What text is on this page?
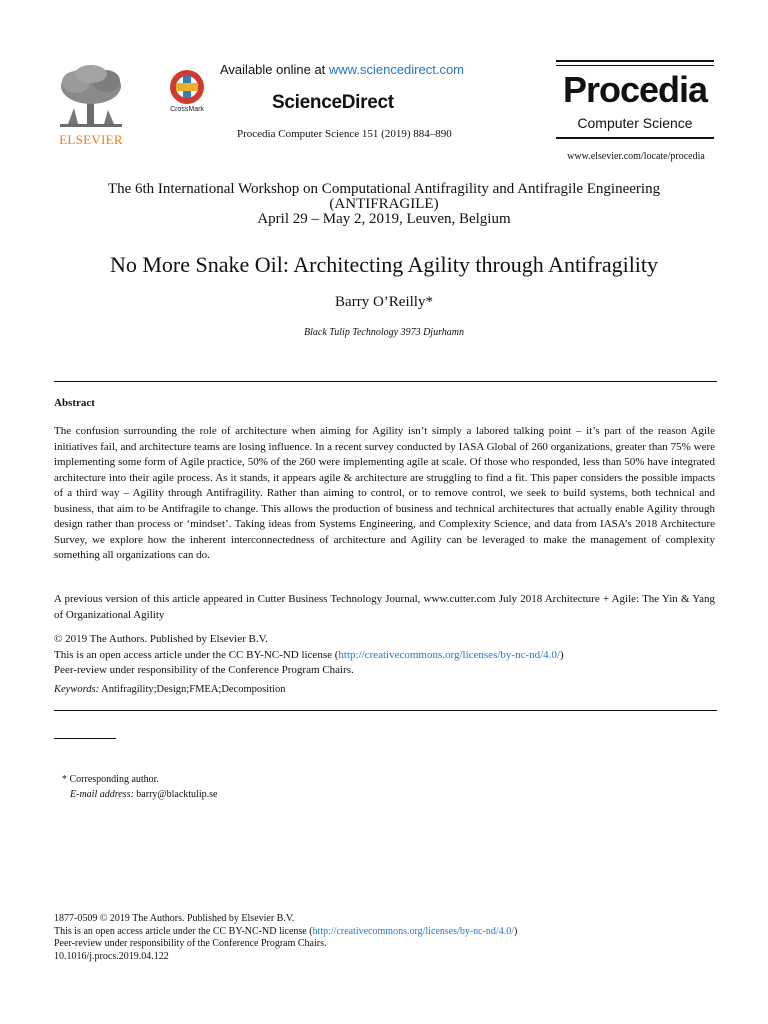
ELSEVIER
CrossMark
Available online at www.sciencedirect.com
ScienceDirect
Procedia Computer Science 151 (2019) 884–890
Procedia
Computer Science
www.elsevier.com/locate/procedia
The 6th International Workshop on Computational Antifragility and Antifragile Engineering
(ANTIFRAGILE)
April 29 – May 2, 2019, Leuven, Belgium
No More Snake Oil: Architecting Agility through Antifragility
Barry O’Reilly*
Black Tulip Technology 3973 Djurhamn
Abstract
The confusion surrounding the role of architecture when aiming for Agility isn’t simply a labored talking point – it’s part of the reason Agile initiatives fail, and architecture teams are losing influence. In a recent survey conducted by IASA Global of 260 organizations, greater than 75% were implementing some form of Agile practice, 50% of the 260 were implementing agile at scale. Of those who responded, less than 50% have integrated architecture into their agile process. As it stands, it appears agile & architecture are struggling to find a fit. This paper considers the possible impacts of a third way – Agility through Antifragility. Rather than aiming to control, or to remove control, we seek to build systems, both technical and business, that aim to be Antifragile to change. This allows the production of business and technical architectures that actually enable Agility through design rather than process or ‘mindset’. Taking ideas from Systems Engineering, and Complexity Science, and data from IASA’s 2018 Architecture Survey, we explore how the inherent interconnectedness of architecture and Agility can be leveraged to make the management of complexity something all organizations can do.
A previous version of this article appeared in Cutter Business Technology Journal, www.cutter.com July 2018 Architecture + Agile: The Yin & Yang of Organizational Agility
© 2019 The Authors. Published by Elsevier B.V.
This is an open access article under the CC BY-NC-ND license (http://creativecommons.org/licenses/by-nc-nd/4.0/)
Peer-review under responsibility of the Conference Program Chairs.
Keywords: Antifragility;Design;FMEA;Decomposition
* Corresponding author.
E-mail address: barry@blacktulip.se
1877-0509 © 2019 The Authors. Published by Elsevier B.V.
This is an open access article under the CC BY-NC-ND license (http://creativecommons.org/licenses/by-nc-nd/4.0/)
Peer-review under responsibility of the Conference Program Chairs.
10.1016/j.procs.2019.04.122
